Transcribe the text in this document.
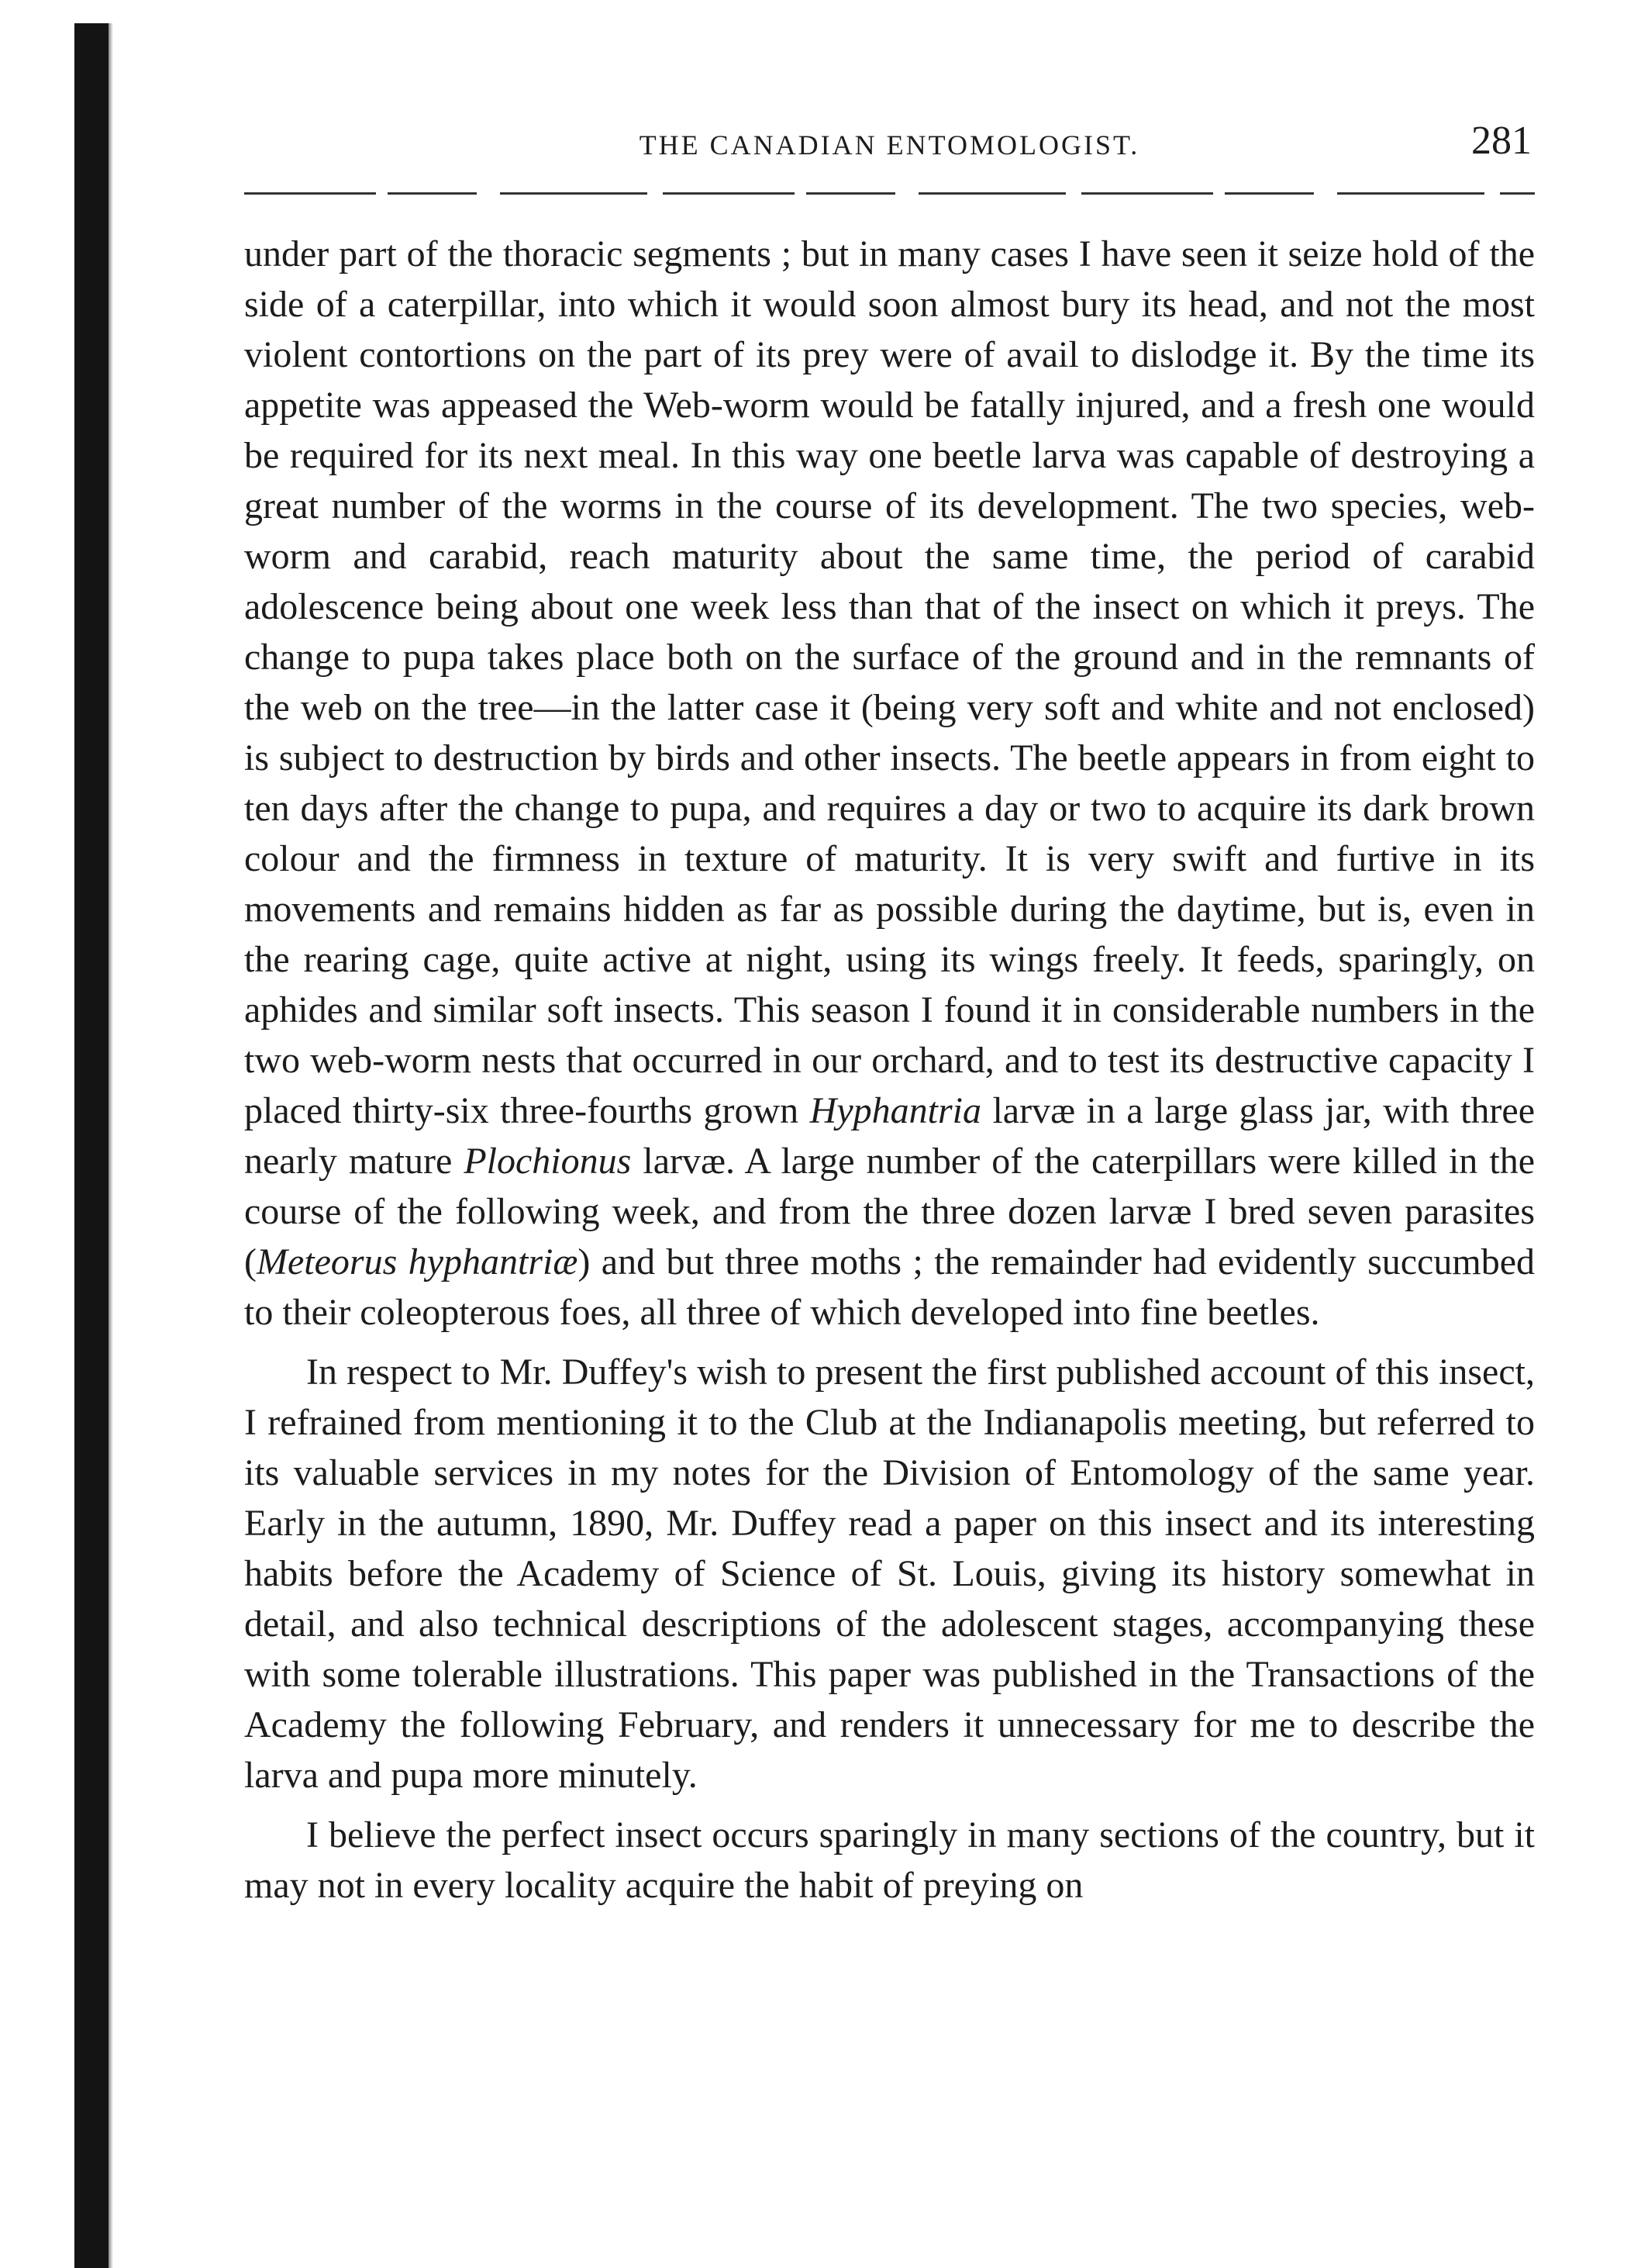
THE CANADIAN ENTOMOLOGIST.	281

under part of the thoracic segments ; but in many cases I have seen it seize hold of the side of a caterpillar, into which it would soon almost bury its head, and not the most violent contortions on the part of its prey were of avail to dislodge it. By the time its appetite was appeased the Web-worm would be fatally injured, and a fresh one would be required for its next meal. In this way one beetle larva was capable of destroying a great number of the worms in the course of its development. The two species, web-worm and carabid, reach maturity about the same time, the period of carabid adolescence being about one week less than that of the insect on which it preys. The change to pupa takes place both on the surface of the ground and in the remnants of the web on the tree—in the latter case it (being very soft and white and not enclosed) is subject to destruction by birds and other insects. The beetle appears in from eight to ten days after the change to pupa, and requires a day or two to acquire its dark brown colour and the firmness in texture of maturity. It is very swift and furtive in its movements and remains hidden as far as possible during the daytime, but is, even in the rearing cage, quite active at night, using its wings freely. It feeds, sparingly, on aphides and similar soft insects. This season I found it in considerable numbers in the two web-worm nests that occurred in our orchard, and to test its destructive capacity I placed thirty-six three-fourths grown Hyphantria larvæ in a large glass jar, with three nearly mature Plochionus larvæ. A large number of the caterpillars were killed in the course of the following week, and from the three dozen larvæ I bred seven parasites (Meteorus hyphantriæ) and but three moths ; the remainder had evidently succumbed to their coleopterous foes, all three of which developed into fine beetles.

In respect to Mr. Duffey's wish to present the first published account of this insect, I refrained from mentioning it to the Club at the Indianapolis meeting, but referred to its valuable services in my notes for the Division of Entomology of the same year. Early in the autumn, 1890, Mr. Duffey read a paper on this insect and its interesting habits before the Academy of Science of St. Louis, giving its history somewhat in detail, and also technical descriptions of the adolescent stages, accompanying these with some tolerable illustrations. This paper was published in the Transactions of the Academy the following February, and renders it unnecessary for me to describe the larva and pupa more minutely.

I believe the perfect insect occurs sparingly in many sections of the country, but it may not in every locality acquire the habit of preying on
